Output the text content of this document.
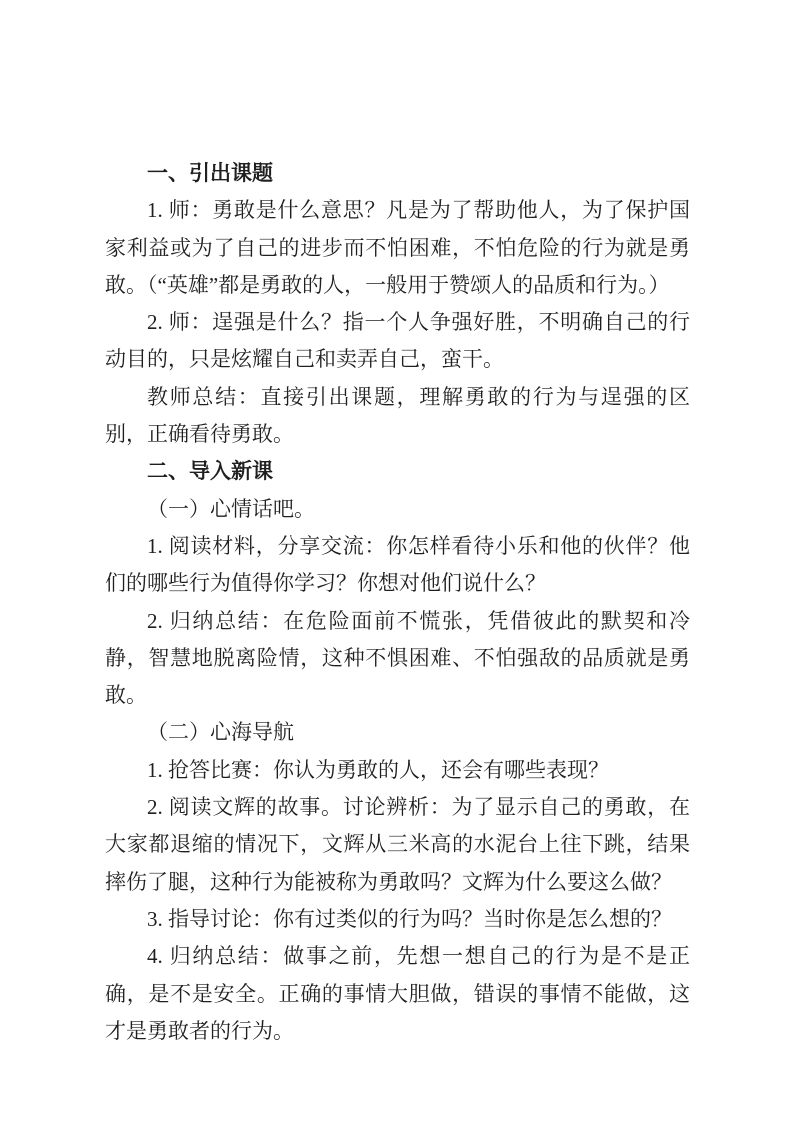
一、引出课题

1. 师：勇敢是什么意思？凡是为了帮助他人，为了保护国家利益或为了自己的进步而不怕困难，不怕危险的行为就是勇敢。（“英雄”都是勇敢的人，一般用于赞颂人的品质和行为。）

2. 师：逞强是什么？指一个人争强好胜，不明确自己的行动目的，只是炫耀自己和卖弄自己，蛮干。

教师总结：直接引出课题，理解勇敢的行为与逞强的区别，正确看待勇敢。

二、导入新课

（一）心情话吧。

1. 阅读材料，分享交流：你怎样看待小乐和他的伙伴？他们的哪些行为值得你学习？你想对他们说什么？

2. 归纳总结：在危险面前不慌张，凭借彼此的默契和冷静，智慧地脱离险情，这种不惧困难、不怕强敌的品质就是勇敢。

（二）心海导航

1. 抢答比赛：你认为勇敢的人，还会有哪些表现？

2. 阅读文辉的故事。讨论辨析：为了显示自己的勇敢，在大家都退缩的情况下，文辉从三米高的水泥台上往下跳，结果摔伤了腿，这种行为能被称为勇敢吗？文辉为什么要这么做？

3. 指导讨论：你有过类似的行为吗？当时你是怎么想的？

4. 归纳总结：做事之前，先想一想自己的行为是不是正确，是不是安全。正确的事情大胆做，错误的事情不能做，这才是勇敢者的行为。
